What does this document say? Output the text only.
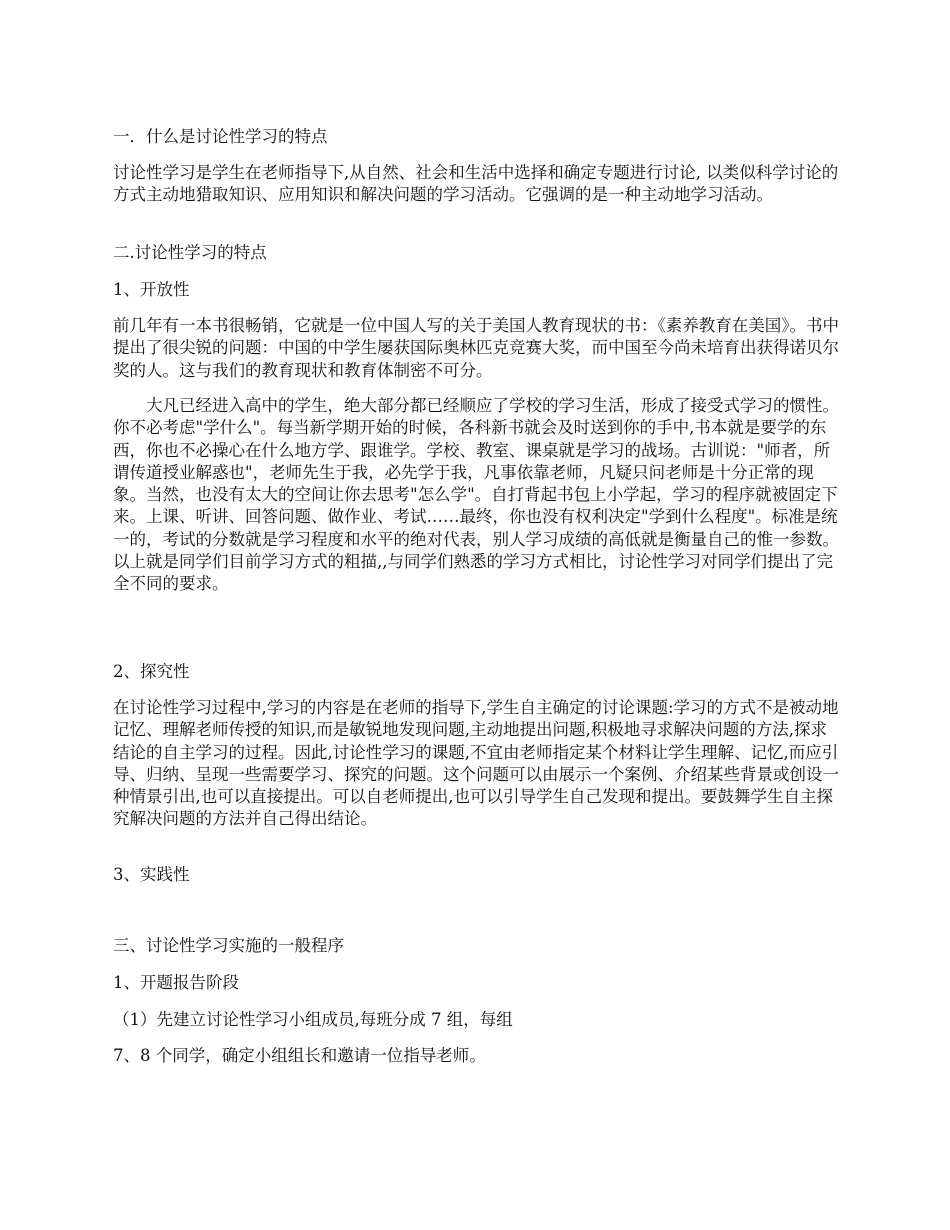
一．什么是讨论性学习的特点

讨论性学习是学生在老师指导下,从自然、社会和生活中选择和确定专题进行讨论, 以类似科学讨论的方式主动地猎取知识、应用知识和解决问题的学习活动。它强调的是一种主动地学习活动。

二.讨论性学习的特点

1、开放性

前几年有一本书很畅销，它就是一位中国人写的关于美国人教育现状的书：《素养教育在美国》。书中提出了很尖锐的问题：中国的中学生屡获国际奥林匹克竞赛大奖，而中国至今尚未培育出获得诺贝尔奖的人。这与我们的教育现状和教育体制密不可分。

大凡已经进入高中的学生，绝大部分都已经顺应了学校的学习生活，形成了接受式学习的惯性。你不必考虑"学什么"。每当新学期开始的时候，各科新书就会及时送到你的手中,书本就是要学的东西，你也不必操心在什么地方学、跟谁学。学校、教室、课桌就是学习的战场。古训说："师者，所谓传道授业解惑也"，老师先生于我，必先学于我，凡事依靠老师，凡疑只问老师是十分正常的现象。当然，也没有太大的空间让你去思考"怎么学"。自打背起书包上小学起，学习的程序就被固定下来。上课、听讲、回答问题、做作业、考试……最终，你也没有权利决定"学到什么程度"。标准是统一的，考试的分数就是学习程度和水平的绝对代表，别人学习成绩的高低就是衡量自己的惟一参数。以上就是同学们目前学习方式的粗描,,与同学们熟悉的学习方式相比，讨论性学习对同学们提出了完全不同的要求。

2、探究性

在讨论性学习过程中,学习的内容是在老师的指导下,学生自主确定的讨论课题:学习的方式不是被动地记忆、理解老师传授的知识,而是敏锐地发现问题,主动地提出问题,积极地寻求解决问题的方法,探求结论的自主学习的过程。因此,讨论性学习的课题,不宜由老师指定某个材料让学生理解、记忆,而应引导、归纳、呈现一些需要学习、探究的问题。这个问题可以由展示一个案例、介绍某些背景或创设一种情景引出,也可以直接提出。可以自老师提出,也可以引导学生自己发现和提出。要鼓舞学生自主探究解决问题的方法并自己得出结论。

3、实践性

三、讨论性学习实施的一般程序

1、开题报告阶段

（1）先建立讨论性学习小组成员,每班分成 7 组，每组

7、8 个同学，确定小组组长和邀请一位指导老师。
